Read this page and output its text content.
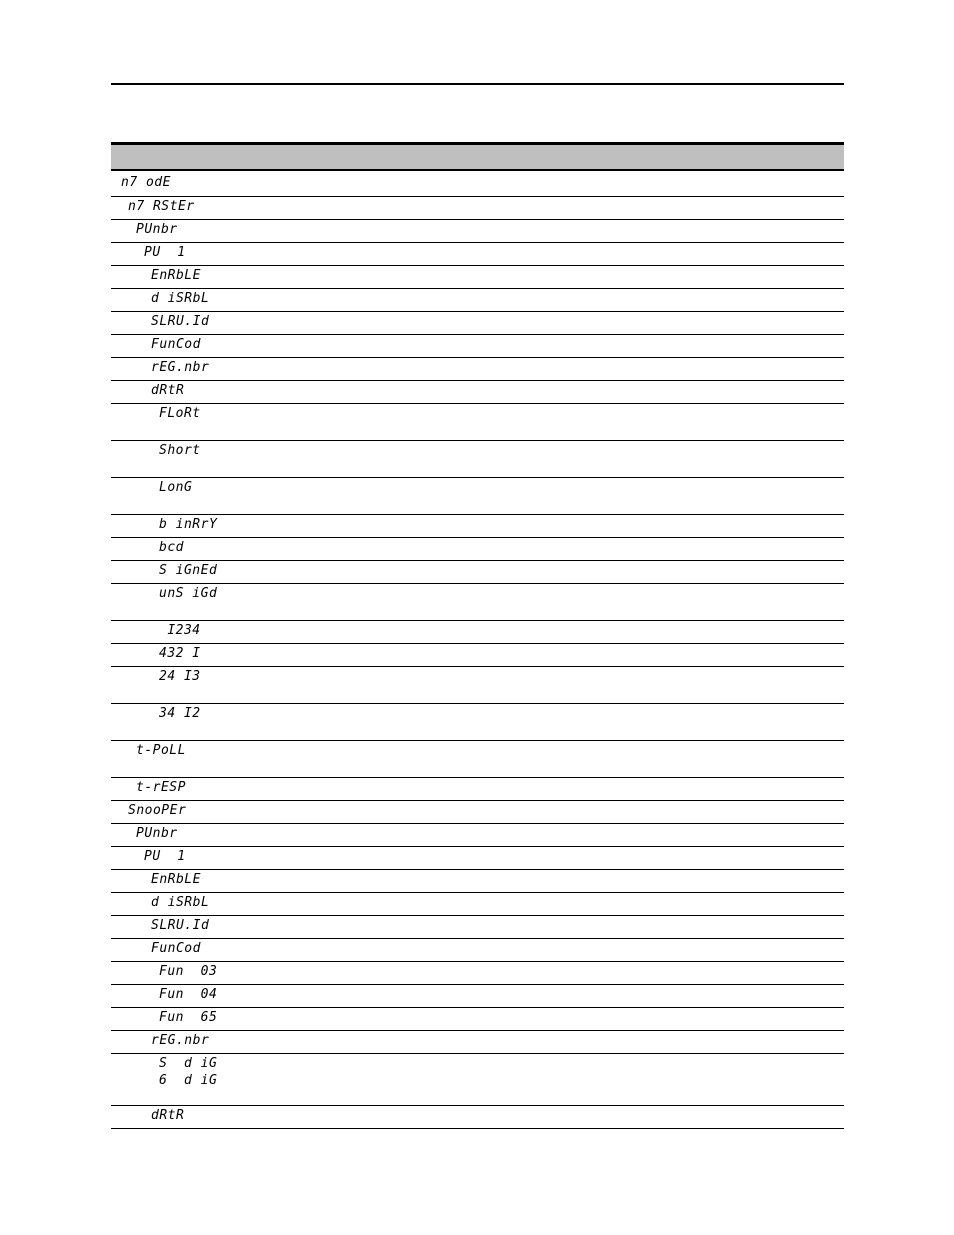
n7 odE
n7 RStEr
PUnbr
PU  1
EnRbLE
d iSRbL
SLRU.Id
FunCod
rEG.nbr
dRtR
FLoRt
Short
LonG
b inRrY
bcd
S iGnEd
unS iGd
I234
432 I
24 I3
34 I2
t-PoLL
t-rESP
SnooPEr
PUnbr
PU  1
EnRbLE
d iSRbL
SLRU.Id
FunCod
Fun  03
Fun  04
Fun  65
rEG.nbr
S  d iG
6  d iG
dRtR
